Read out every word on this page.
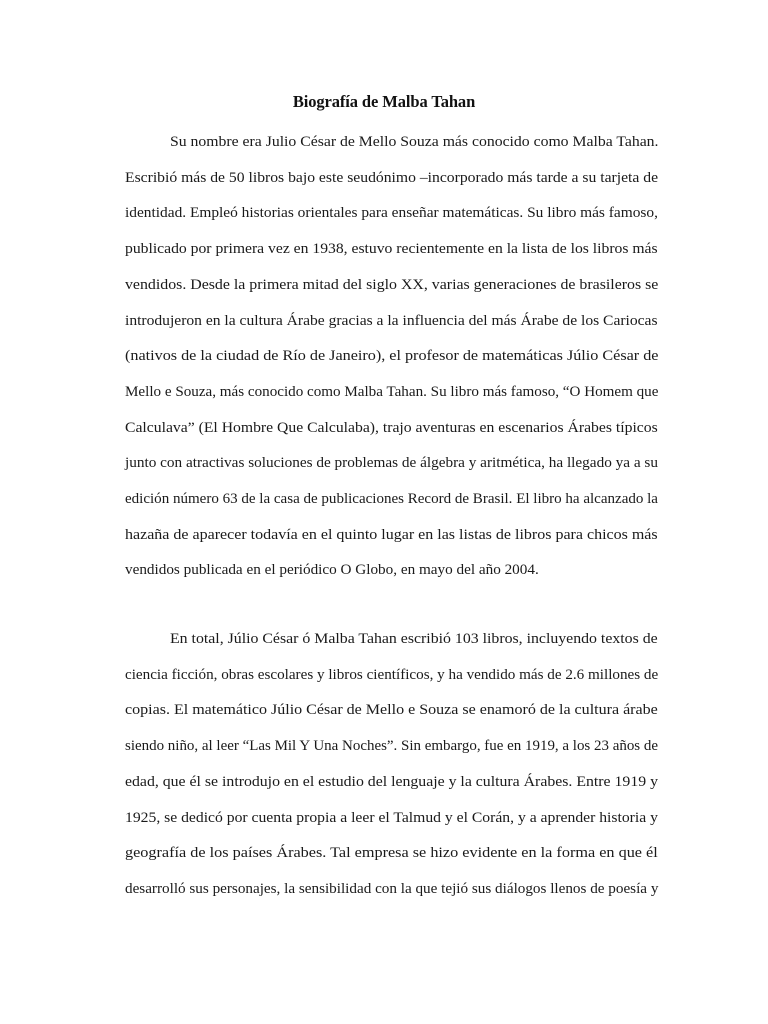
Biografía de Malba Tahan
Su nombre era Julio César de Mello Souza más conocido como Malba Tahan.
Escribió más de 50 libros bajo este seudónimo –incorporado más tarde a su tarjeta de
identidad. Empleó historias orientales para enseñar matemáticas. Su libro más famoso,
publicado por primera vez en 1938, estuvo recientemente en la lista de los libros más
vendidos. Desde la primera mitad del siglo XX, varias generaciones de brasileros se
introdujeron en la cultura Árabe gracias a la influencia del más Árabe de los Cariocas
(nativos de la ciudad de Río de Janeiro), el profesor de matemáticas Júlio César de
Mello e Souza, más conocido como Malba Tahan. Su libro más famoso, “O Homem que
Calculava” (El Hombre Que Calculaba), trajo aventuras en escenarios Árabes típicos
junto con atractivas soluciones de problemas de álgebra y aritmética, ha llegado ya a su
edición número 63 de la casa de publicaciones Record de Brasil. El libro ha alcanzado la
hazaña de aparecer todavía en el quinto lugar en las listas de libros para chicos más
vendidos publicada en el periódico O Globo, en mayo del año 2004.
En total, Júlio César ó Malba Tahan escribió 103 libros, incluyendo textos de
ciencia ficción, obras escolares y libros científicos, y ha vendido más de 2.6 millones de
copias. El matemático Júlio César de Mello e Souza se enamoró de la cultura árabe
siendo niño, al leer “Las Mil Y Una Noches”. Sin embargo, fue en 1919, a los 23 años de
edad, que él se introdujo en el estudio del lenguaje y la cultura Árabes. Entre 1919 y
1925, se dedicó por cuenta propia a leer el Talmud y el Corán, y a aprender historia y
geografía de los países Árabes. Tal empresa se hizo evidente en la forma en que él
desarrolló sus personajes, la sensibilidad con la que tejió sus diálogos llenos de poesía y
